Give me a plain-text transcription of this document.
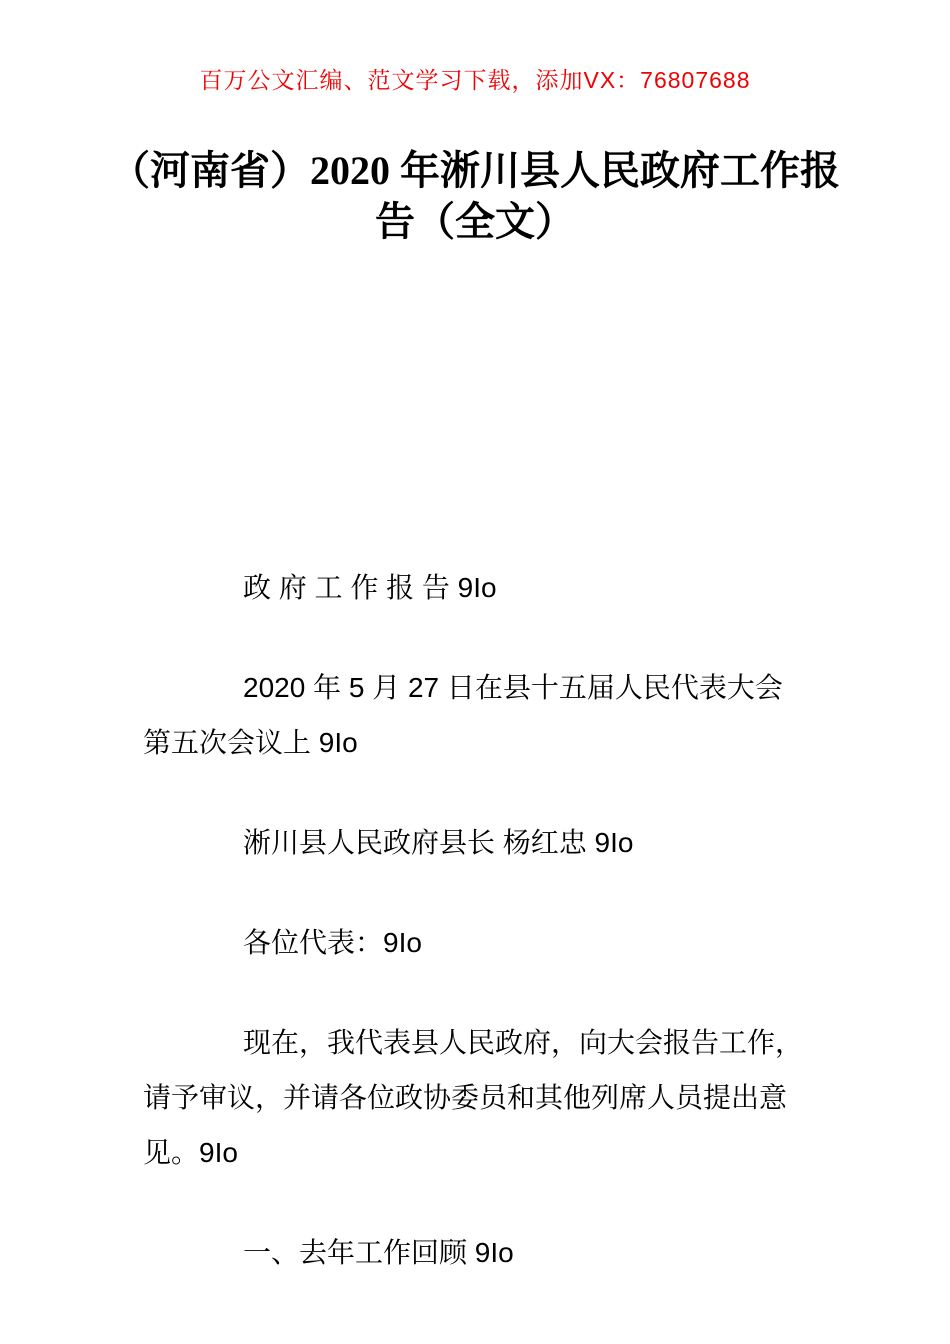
百万公文汇编、范文学习下载，添加VX：76807688
（河南省）2020 年淅川县人民政府工作报
告（全文）

政 府 工 作 报 告 9Io

2020 年 5 月 27 日在县十五届人民代表大会第五次会议上 9Io

淅川县人民政府县长 杨红忠 9Io

各位代表：9Io

现在，我代表县人民政府，向大会报告工作，请予审议，并请各位政协委员和其他列席人员提出意见。9Io

一、去年工作回顾 9Io
